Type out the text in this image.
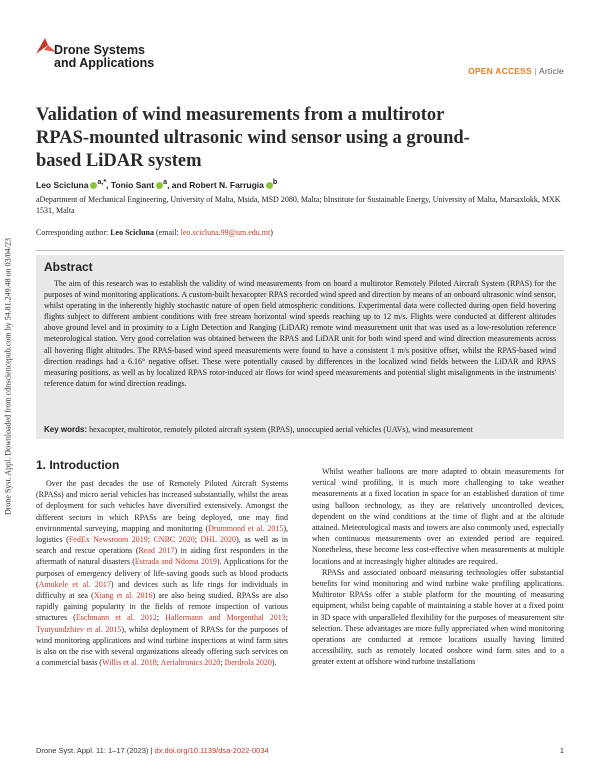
Drone Systems
and Applications
OPEN ACCESS | Article
Drone Syst. Appl. Downloaded from cdnsciencepub.com by 54.81.249.48 on 03/04/23
Validation of wind measurements from a multirotor RPAS-mounted ultrasonic wind sensor using a ground-based LiDAR system
Leo Scicluna $^{a,*}$, Tonio Sant $^a$, and Robert N. Farrugia $^b$
aDepartment of Mechanical Engineering, University of Malta, Msida, MSD 2080, Malta; bInstitute for Sustainable Energy, University of Malta, Marsaxlokk, MXK 1531, Malta
Corresponding author: Leo Scicluna (email: leo.scicluna.99@um.edu.mt)
Abstract
The aim of this research was to establish the validity of wind measurements from on board a multirotor Remotely Piloted Aircraft System (RPAS) for the purposes of wind monitoring applications. A custom-built hexacopter RPAS recorded wind speed and direction by means of an onboard ultrasonic wind sensor, whilst operating in the inherently highly stochastic nature of open field atmospheric conditions. Experimental data were collected during open field hovering flights subject to different ambient conditions with free stream horizontal wind speeds reaching up to 12 m/s. Flights were conducted at different altitudes above ground level and in proximity to a Light Detection and Ranging (LiDAR) remote wind measurement unit that was used as a low-resolution reference meteorological station. Very good correlation was obtained between the RPAS and LiDAR unit for both wind speed and wind direction measurements across all hovering flight altitudes. The RPAS-based wind speed measurements were found to have a consistent 1 m/s positive offset, whilst the RPAS-based wind direction readings had a 6.16° negative offset. These were potentially caused by differences in the localized wind fields between the LiDAR and RPAS measuring positions, as well as by localized RPAS rotor-induced air flows for wind speed measurements and potential slight misalignments in the instruments' reference datum for wind direction readings.
Key words: hexacopter, multirotor, remotely piloted aircraft system (RPAS), unoccupied aerial vehicles (UAVs), wind measurement
1. Introduction

Over the past decades the use of Remotely Piloted Aircraft Systems (RPASs) and micro aerial vehicles has increased substantially, whilst the areas of deployment for such vehicles have diversified extensively. Amongst the different sectors in which RPASs are being deployed, one may find environmental surveying, mapping and monitoring (Drummond et al. 2015), logistics (FedEx Newsroom 2019; CNBC 2020; DHL 2020), as well as in search and rescue operations (Read 2017) in aiding first responders in the aftermath of natural disasters (Estrada and Ndoma 2019). Applications for the purposes of emergency delivery of life-saving goods such as blood products (Amukele et al. 2017) and devices such as life rings for individuals in difficulty at sea (Xiang et al. 2016) are also being studied. RPASs are also rapidly gaining popularity in the fields of remote inspection of various structures (Eschmann et al. 2012; Hallermann and Morgenthal 2013; Tyutyundzhiev et al. 2015), whilst deployment of RPASs for the purposes of wind monitoring applications and wind turbine inspections at wind farm sites is also on the rise with several organizations already offering such services on a commercial basis (Willis et al. 2018; Aerialtronics 2020; Iberdrola 2020).

Whilst weather balloons are more adapted to obtain measurements for vertical wind profiling, it is much more challenging to take weather measurements at a fixed location in space for an established duration of time using balloon technology, as they are relatively uncontrolled devices, dependent on the wind conditions at the time of flight and at the altitude attained. Meteorological masts and towers are also commonly used, especially when continuous measurements over an extended period are required. Nonetheless, these become less cost-effective when measurements at multiple locations and at increasingly higher altitudes are required.

RPASs and associated onboard measuring technologies offer substantial benefits for wind monitoring and wind turbine wake profiling applications. Multirotor RPASs offer a stable platform for the mounting of measuring equipment, whilst being capable of maintaining a stable hover at a fixed point in 3D space with unparalleled flexibility for the purposes of measurement site selection. These advantages are more fully appreciated when wind monitoring operations are conducted at remote locations usually having limited accessibility, such as remotely located onshore wind farm sites and to a greater extent at offshore wind turbine installations

Drone Syst. Appl. 11: 1–17 (2023) | dx.doi.org/10.1139/dsa-2022-0034	1
